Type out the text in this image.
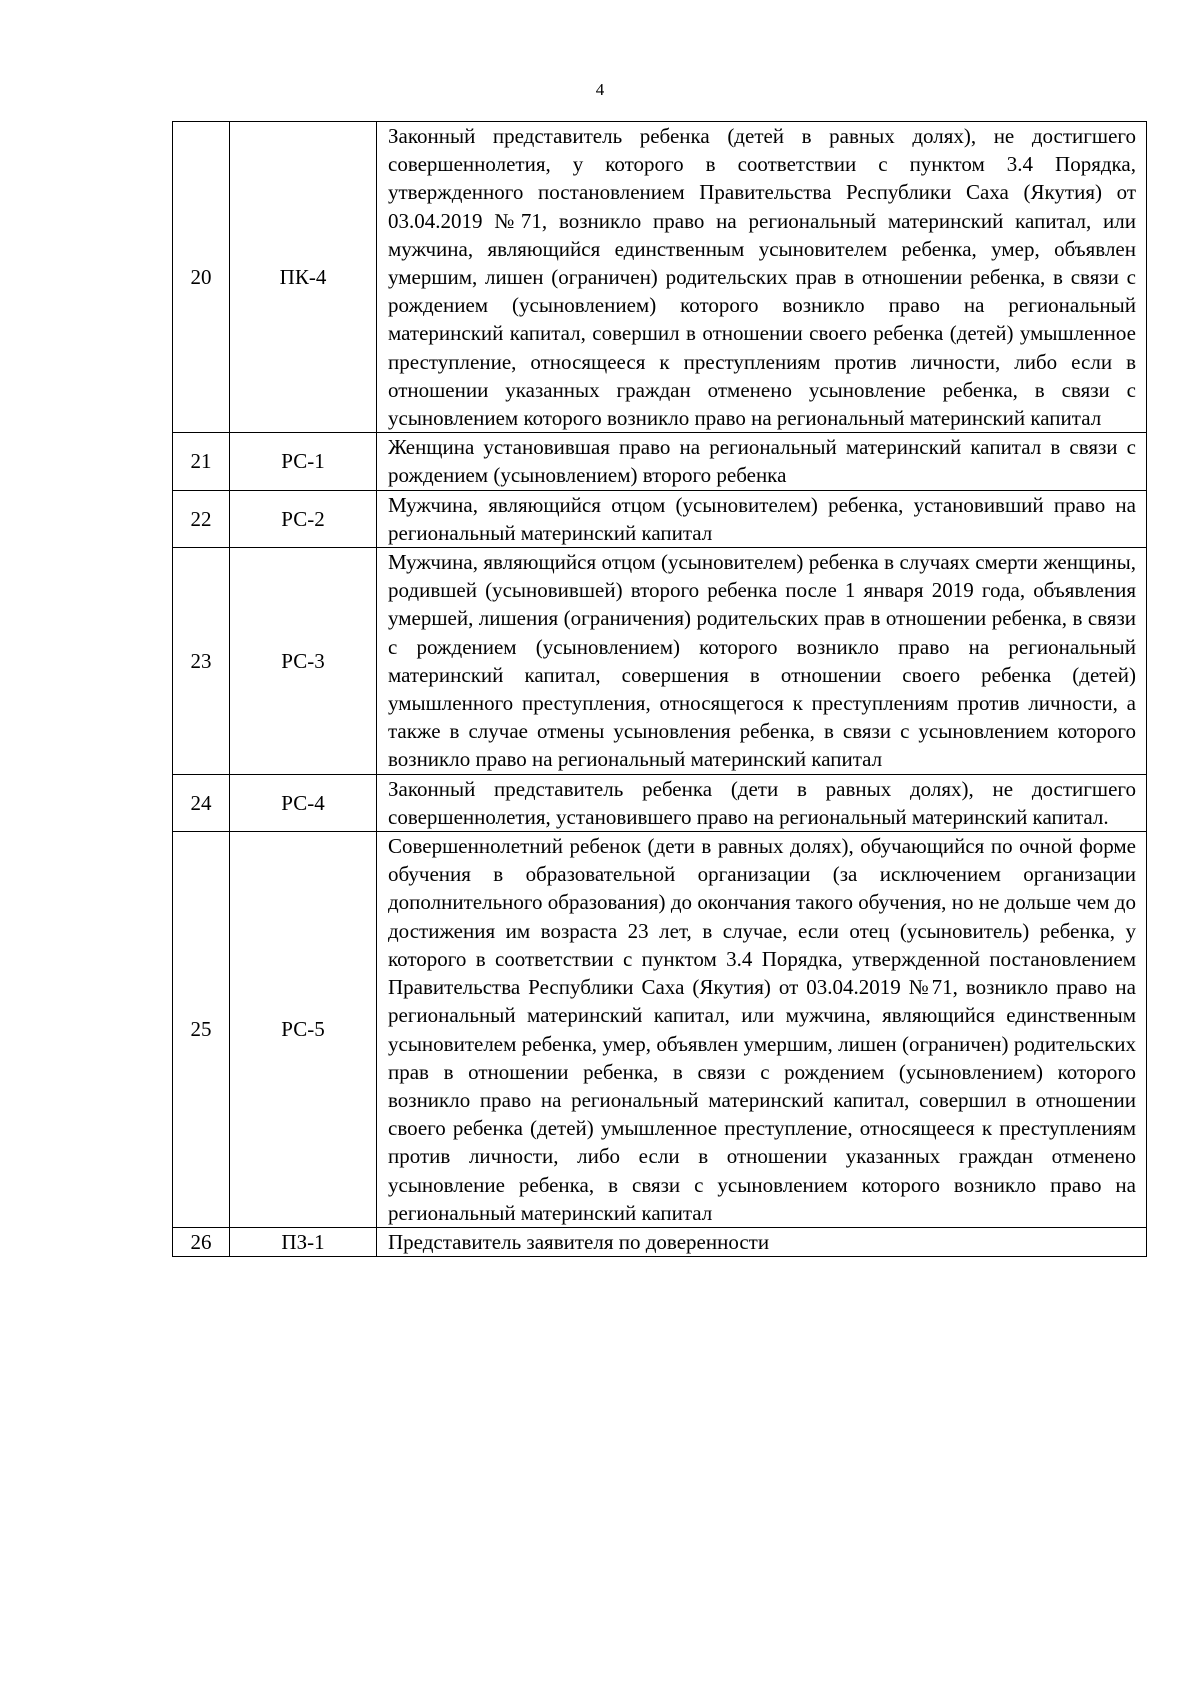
4
20	ПК-4	Законный представитель ребенка (детей в равных долях), не достигшего совершеннолетия, у которого в соответствии с пунктом 3.4 Порядка, утвержденного постановлением Правительства Республики Саха (Якутия) от 03.04.2019 №71, возникло право на региональный материнский капитал, или мужчина, являющийся единственным усыновителем ребенка, умер, объявлен умершим, лишен (ограничен) родительских прав в отношении ребенка, в связи с рождением (усыновлением) которого возникло право на региональный материнский капитал, совершил в отношении своего ребенка (детей) умышленное преступление, относящееся к преступлениям против личности, либо если в отношении указанных граждан отменено усыновление ребенка, в связи с усыновлением которого возникло право на региональный материнский капитал
21	РС-1	Женщина установившая право на региональный материнский капитал в связи с рождением (усыновлением) второго ребенка
22	РС-2	Мужчина, являющийся отцом (усыновителем) ребенка, установивший право на региональный материнский капитал
23	РС-3	Мужчина, являющийся отцом (усыновителем) ребенка в случаях смерти женщины, родившей (усыновившей) второго ребенка после 1 января 2019 года, объявления умершей, лишения (ограничения) родительских прав в отношении ребенка, в связи с рождением (усыновлением) которого возникло право на региональный материнский капитал, совершения в отношении своего ребенка (детей) умышленного преступления, относящегося к преступлениям против личности, а также в случае отмены усыновления ребенка, в связи с усыновлением которого возникло право на региональный материнский капитал
24	РС-4	Законный представитель ребенка (дети в равных долях), не достигшего совершеннолетия, установившего право на региональный материнский капитал.
25	РС-5	Совершеннолетний ребенок (дети в равных долях), обучающийся по очной форме обучения в образовательной организации (за исключением организации дополнительного образования) до окончания такого обучения, но не дольше чем до достижения им возраста 23 лет, в случае, если отец (усыновитель) ребенка, у которого в соответствии с пунктом 3.4 Порядка, утвержденной постановлением Правительства Республики Саха (Якутия) от 03.04.2019 №71, возникло право на региональный материнский капитал, или мужчина, являющийся единственным усыновителем ребенка, умер, объявлен умершим, лишен (ограничен) родительских прав в отношении ребенка, в связи с рождением (усыновлением) которого возникло право на региональный материнский капитал, совершил в отношении своего ребенка (детей) умышленное преступление, относящееся к преступлениям против личности, либо если в отношении указанных граждан отменено усыновление ребенка, в связи с усыновлением которого возникло право на региональный материнский капитал
26	ПЗ-1	Представитель заявителя по доверенности
